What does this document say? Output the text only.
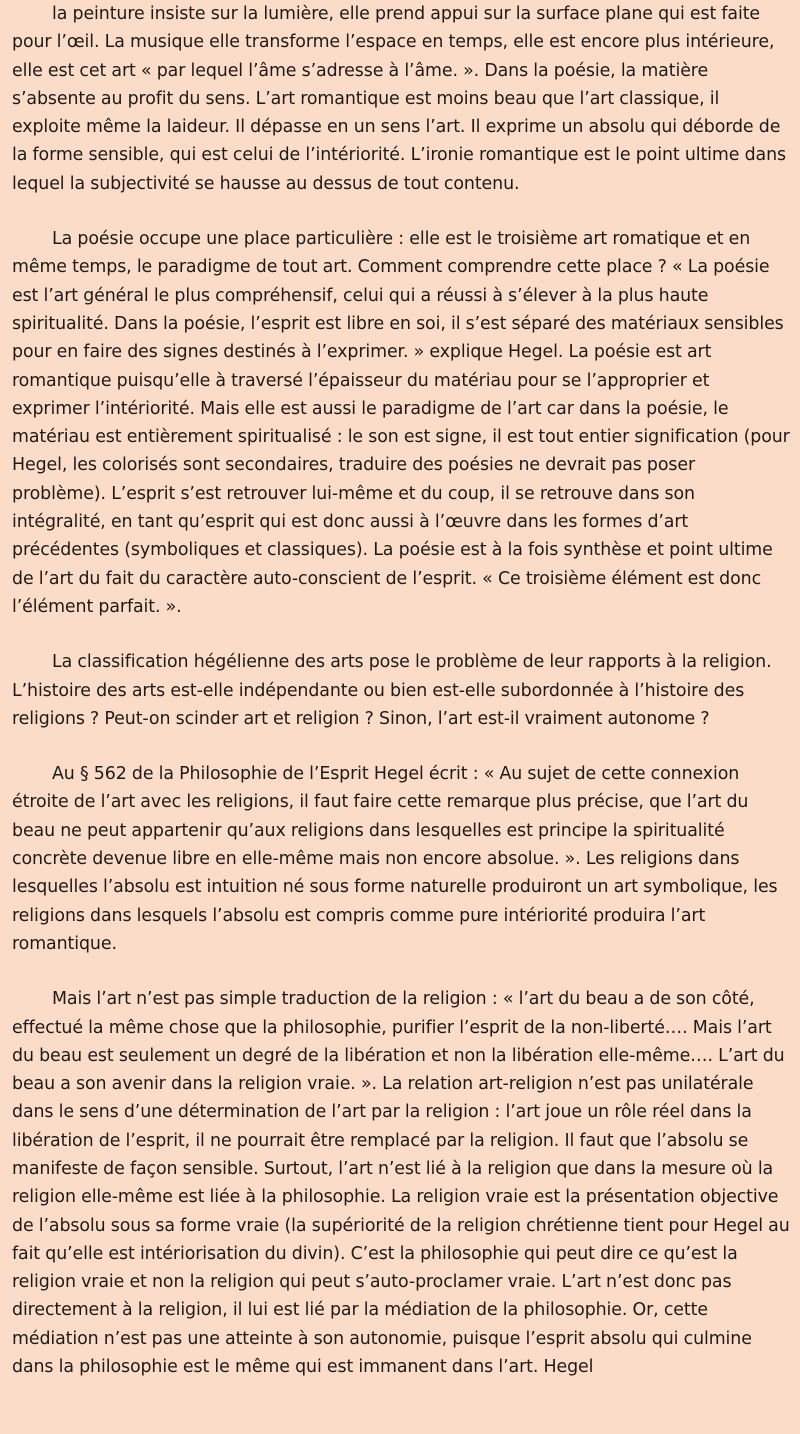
la peinture insiste sur la lumière, elle prend appui sur la surface plane qui est faite pour l’œil. La musique elle transforme l’espace en temps, elle est encore plus intérieure, elle est cet art « par lequel l’âme s’adresse à l’âme. ». Dans la poésie, la matière s’absente au profit du sens. L’art romantique est moins beau que l’art classique, il exploite même la laideur. Il dépasse en un sens l’art. Il exprime un absolu qui déborde de la forme sensible, qui est celui de l’intériorité. L’ironie romantique est le point ultime dans lequel la subjectivité se hausse au dessus de tout contenu.

La poésie occupe une place particulière : elle est le troisième art romatique et en même temps, le paradigme de tout art. Comment comprendre cette place ? « La poésie est l’art général le plus compréhensif, celui qui a réussi à s’élever à la plus haute spiritualité. Dans la poésie, l’esprit est libre en soi, il s’est séparé des matériaux sensibles pour en faire des signes destinés à l’exprimer. » explique Hegel. La poésie est art romantique puisqu’elle à traversé l’épaisseur du matériau pour se l’approprier et exprimer l’intériorité. Mais elle est aussi le paradigme de l’art car dans la poésie, le matériau est entièrement spiritualisé : le son est signe, il est tout entier signification (pour Hegel, les colorisés sont secondaires, traduire des poésies ne devrait pas poser problème). L’esprit s’est retrouver lui-même et du coup, il se retrouve dans son intégralité, en tant qu’esprit qui est donc aussi à l’œuvre dans les formes d’art précédentes (symboliques et classiques). La poésie est à la fois synthèse et point ultime de l’art du fait du caractère auto-conscient de l’esprit. « Ce troisième élément est donc l’élément parfait. ».

La classification hégélienne des arts pose le problème de leur rapports à la religion. L’histoire des arts est-elle indépendante ou bien est-elle subordonnée à l’histoire des religions ? Peut-on scinder art et religion ? Sinon, l’art est-il vraiment autonome ?

Au § 562 de la Philosophie de l’Esprit Hegel écrit : « Au sujet de cette connexion étroite de l’art avec les religions, il faut faire cette remarque plus précise, que l’art du beau ne peut appartenir qu’aux religions dans lesquelles est principe la spiritualité concrète devenue libre en elle-même mais non encore absolue. ». Les religions dans lesquelles l’absolu est intuition né sous forme naturelle produiront un art symbolique, les religions dans lesquels l’absolu est compris comme pure intériorité produira l’art romantique.

Mais l’art n’est pas simple traduction de la religion : « l’art du beau a de son côté, effectué la même chose que la philosophie, purifier l’esprit de la non-liberté…. Mais l’art du beau est seulement un degré de la libération et non la libération elle-même…. L’art du beau a son avenir dans la religion vraie. ». La relation art-religion n’est pas unilatérale dans le sens d’une détermination de l’art par la religion : l’art joue un rôle réel dans la libération de l’esprit, il ne pourrait être remplacé par la religion. Il faut que l’absolu se manifeste de façon sensible. Surtout, l’art n’est lié à la religion que dans la mesure où la religion elle-même est liée à la philosophie. La religion vraie est la présentation objective de l’absolu sous sa forme vraie (la supériorité de la religion chrétienne tient pour Hegel au fait qu’elle est intériorisation du divin). C’est la philosophie qui peut dire ce qu’est la religion vraie et non la religion qui peut s’auto-proclamer vraie. L’art n’est donc pas directement à la religion, il lui est lié par la médiation de la philosophie. Or, cette médiation n’est pas une atteinte à son autonomie, puisque l’esprit absolu qui culmine dans la philosophie est le même qui est immanent dans l’art. Hegel
